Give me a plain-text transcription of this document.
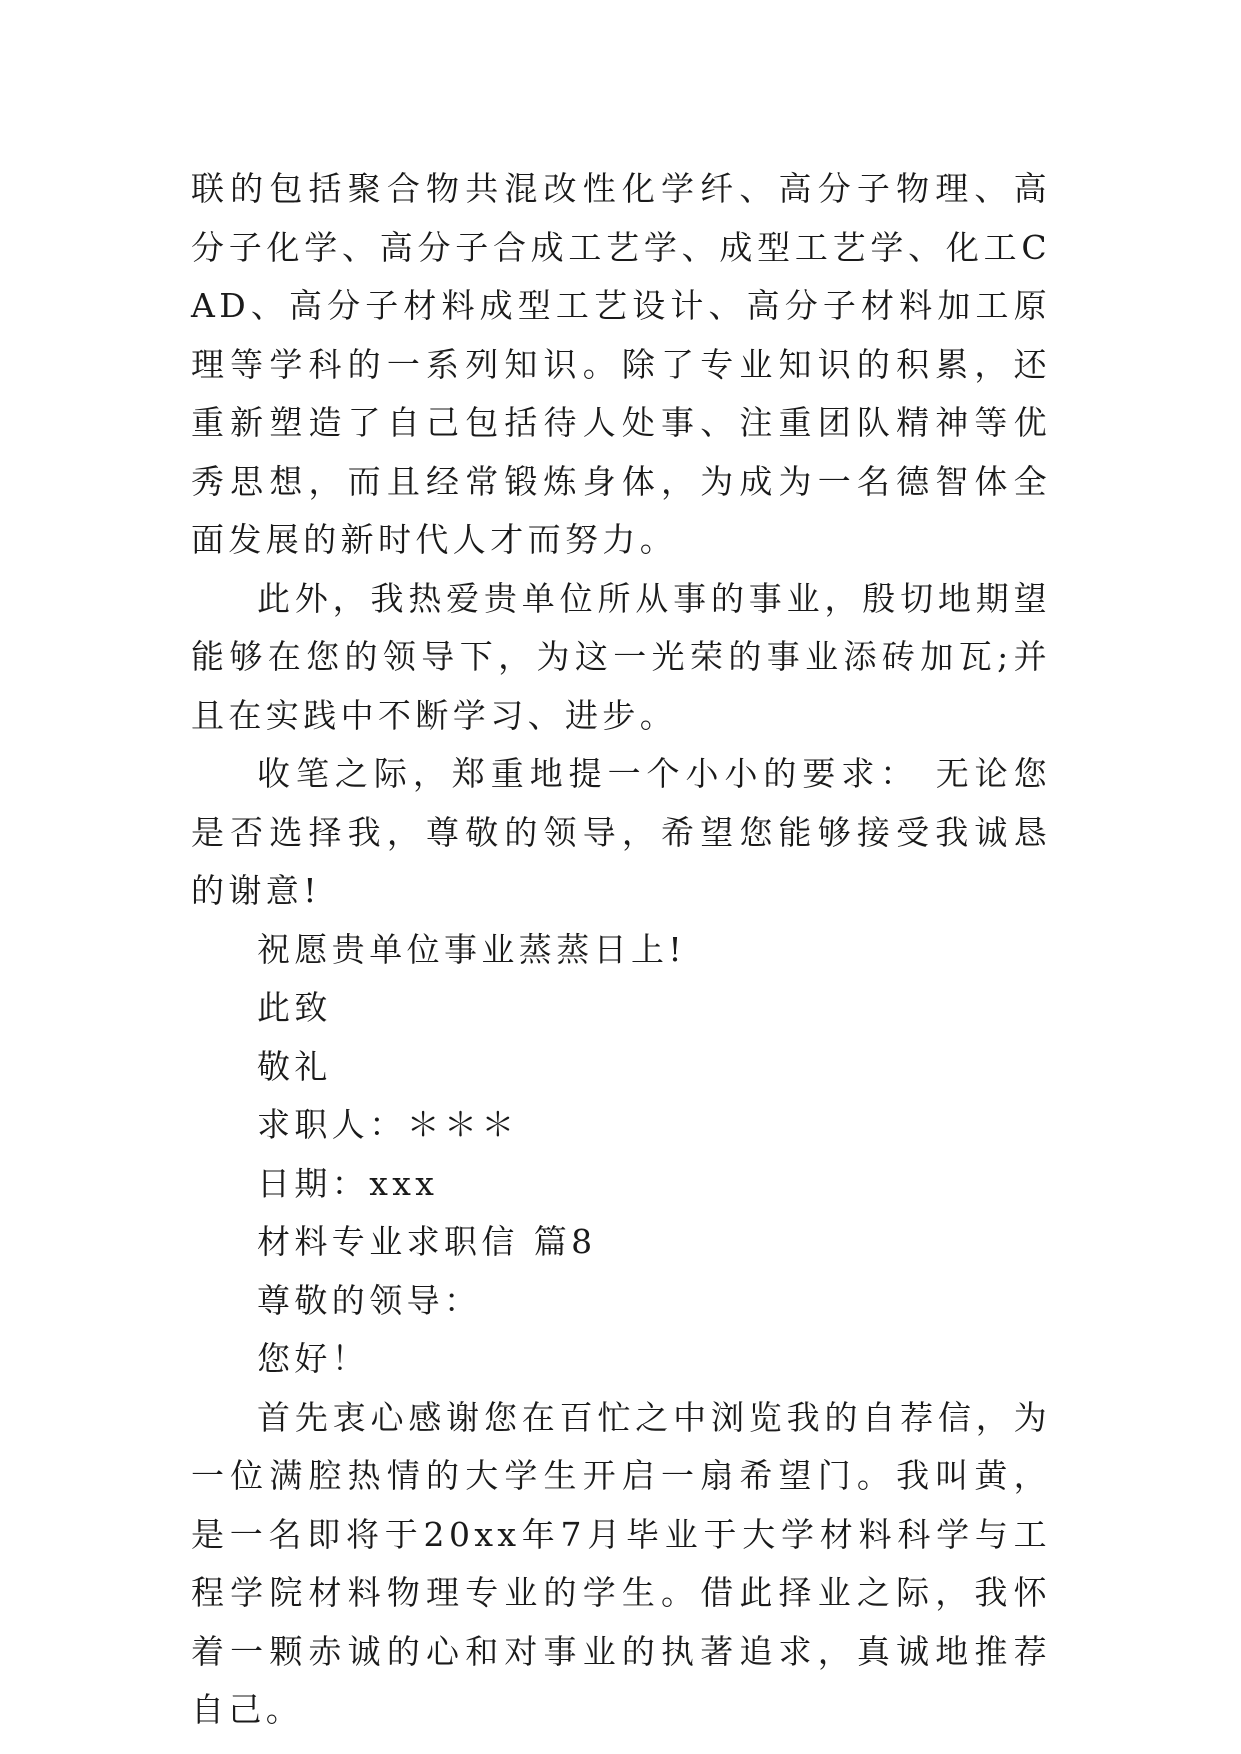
联的包括聚合物共混改性化学纤、高分子物理、高分子化学、高分子合成工艺学、成型工艺学、化工CAD、高分子材料成型工艺设计、高分子材料加工原理等学科的一系列知识。除了专业知识的积累，还重新塑造了自己包括待人处事、注重团队精神等优秀思想，而且经常锻炼身体，为成为一名德智体全面发展的新时代人才而努力。

此外，我热爱贵单位所从事的事业，殷切地期望能够在您的领导下，为这一光荣的事业添砖加瓦;并且在实践中不断学习、进步。

收笔之际，郑重地提一个小小的要求： 无论您是否选择我，尊敬的领导，希望您能够接受我诚恳的谢意!

祝愿贵单位事业蒸蒸日上!

此致

敬礼

求职人：＊＊＊

日期：xxx

材料专业求职信 篇8

尊敬的领导：

您好！

首先衷心感谢您在百忙之中浏览我的自荐信，为一位满腔热情的大学生开启一扇希望门。我叫黄，是一名即将于20xx年7月毕业于大学材料科学与工程学院材料物理专业的学生。借此择业之际，我怀着一颗赤诚的心和对事业的执著追求，真诚地推荐自己。
